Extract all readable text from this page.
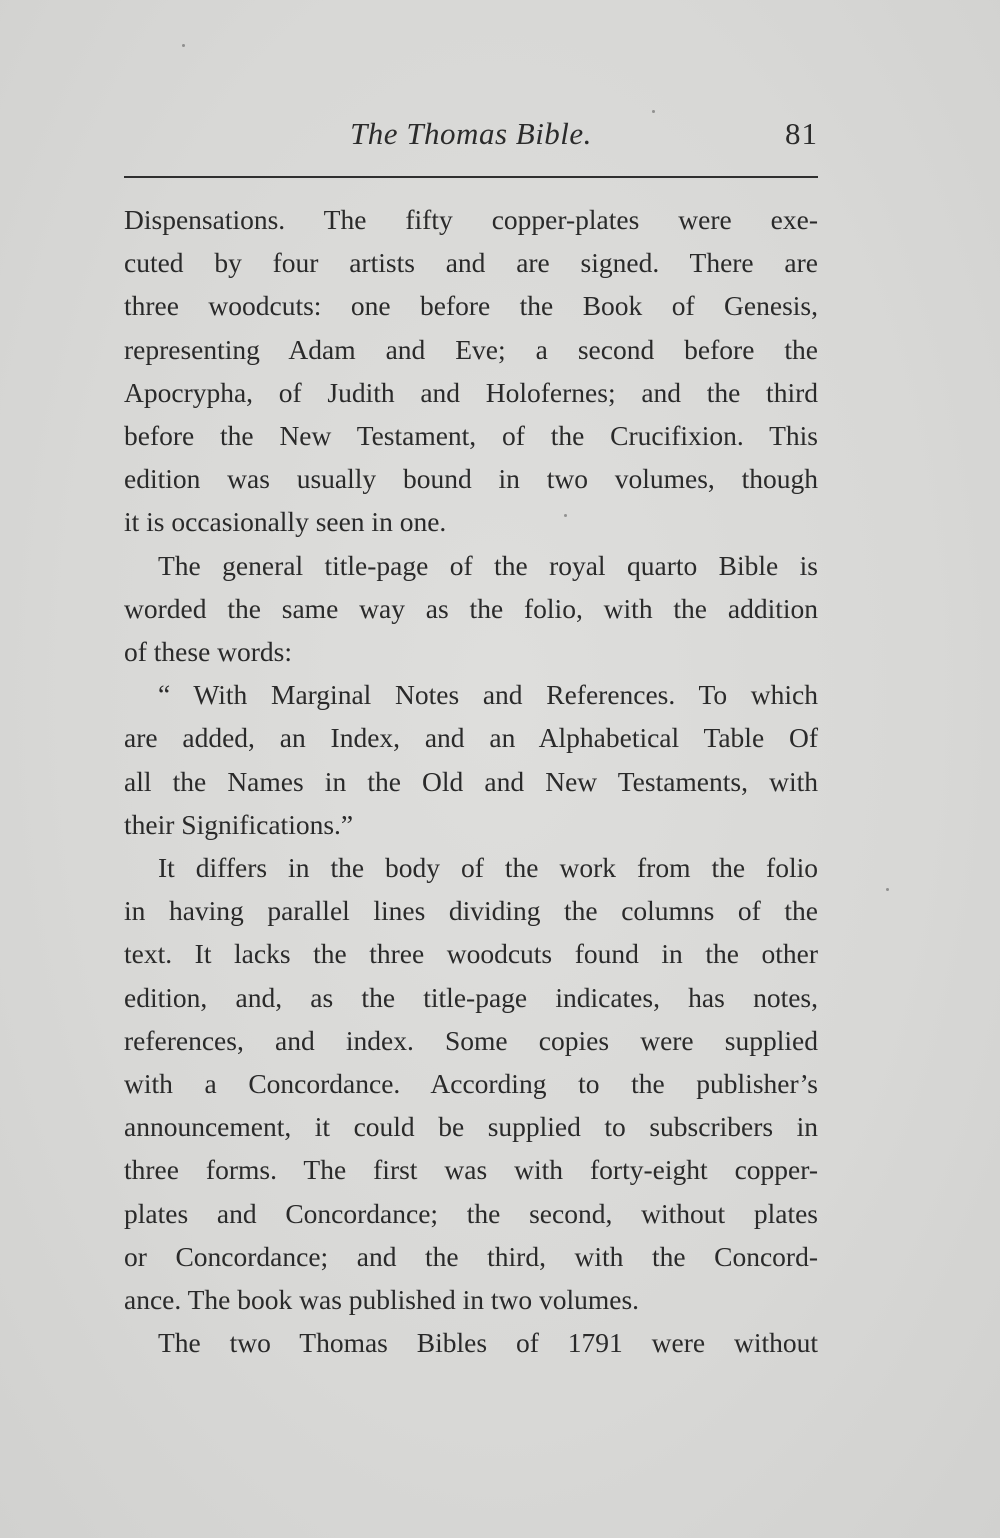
The Thomas Bible.	81

Dispensations. The fifty copper-plates were exe-
cuted by four artists and are signed. There are
three woodcuts: one before the Book of Genesis,
representing Adam and Eve; a second before the
Apocrypha, of Judith and Holofernes; and the third
before the New Testament, of the Crucifixion. This
edition was usually bound in two volumes, though
it is occasionally seen in one.

The general title-page of the royal quarto Bible is
worded the same way as the folio, with the addition
of these words:

“ With Marginal Notes and References. To which
are added, an Index, and an Alphabetical Table Of
all the Names in the Old and New Testaments, with
their Significations.”

It differs in the body of the work from the folio
in having parallel lines dividing the columns of the
text. It lacks the three woodcuts found in the other
edition, and, as the title-page indicates, has notes,
references, and index. Some copies were supplied
with a Concordance. According to the publisher’s
announcement, it could be supplied to subscribers in
three forms. The first was with forty-eight copper-
plates and Concordance; the second, without plates
or Concordance; and the third, with the Concord-
ance. The book was published in two volumes.

The two Thomas Bibles of 1791 were without
